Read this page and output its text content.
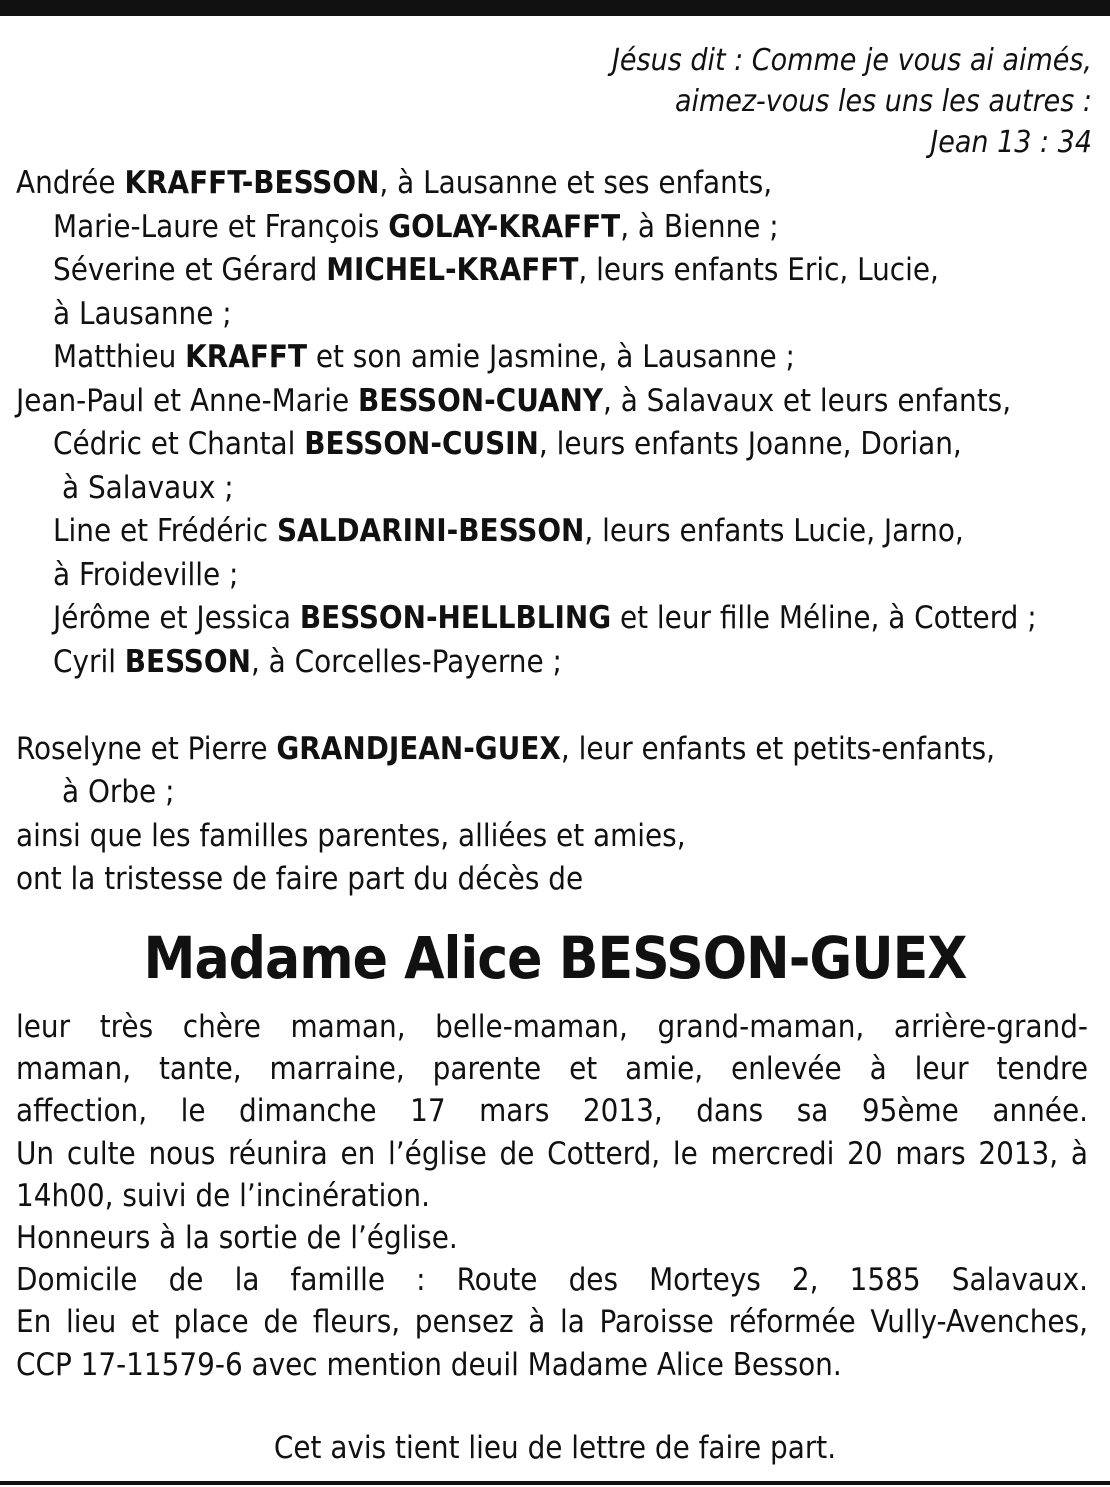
Jésus dit : Comme je vous ai aimés,
aimez-vous les uns les autres :
Jean 13 : 34
Andrée KRAFFT-BESSON, à Lausanne et ses enfants,
Marie-Laure et François GOLAY-KRAFFT, à Bienne ;
Séverine et Gérard MICHEL-KRAFFT, leurs enfants Eric, Lucie,
à Lausanne ;
Matthieu KRAFFT et son amie Jasmine, à Lausanne ;
Jean-Paul et Anne-Marie BESSON-CUANY, à Salavaux et leurs enfants,
Cédric et Chantal BESSON-CUSIN, leurs enfants Joanne, Dorian,
à Salavaux ;
Line et Frédéric SALDARINI-BESSON, leurs enfants Lucie, Jarno,
à Froideville ;
Jérôme et Jessica BESSON-HELLBLING et leur fille Méline, à Cotterd ;
Cyril BESSON, à Corcelles-Payerne ;
Roselyne et Pierre GRANDJEAN-GUEX, leur enfants et petits-enfants,
à Orbe ;
ainsi que les familles parentes, alliées et amies,
ont la tristesse de faire part du décès de
Madame Alice BESSON-GUEX
leur très chère maman, belle-maman, grand-maman, arrière-grand-
maman, tante, marraine, parente et amie, enlevée à leur tendre
affection, le dimanche 17 mars 2013, dans sa 95ème année.
Un culte nous réunira en l’église de Cotterd, le mercredi 20 mars 2013, à
14h00, suivi de l’incinération.
Honneurs à la sortie de l’église.
Domicile de la famille : Route des Morteys 2, 1585 Salavaux.
En lieu et place de fleurs, pensez à la Paroisse réformée Vully-Avenches,
CCP 17-11579-6 avec mention deuil Madame Alice Besson.
Cet avis tient lieu de lettre de faire part.
